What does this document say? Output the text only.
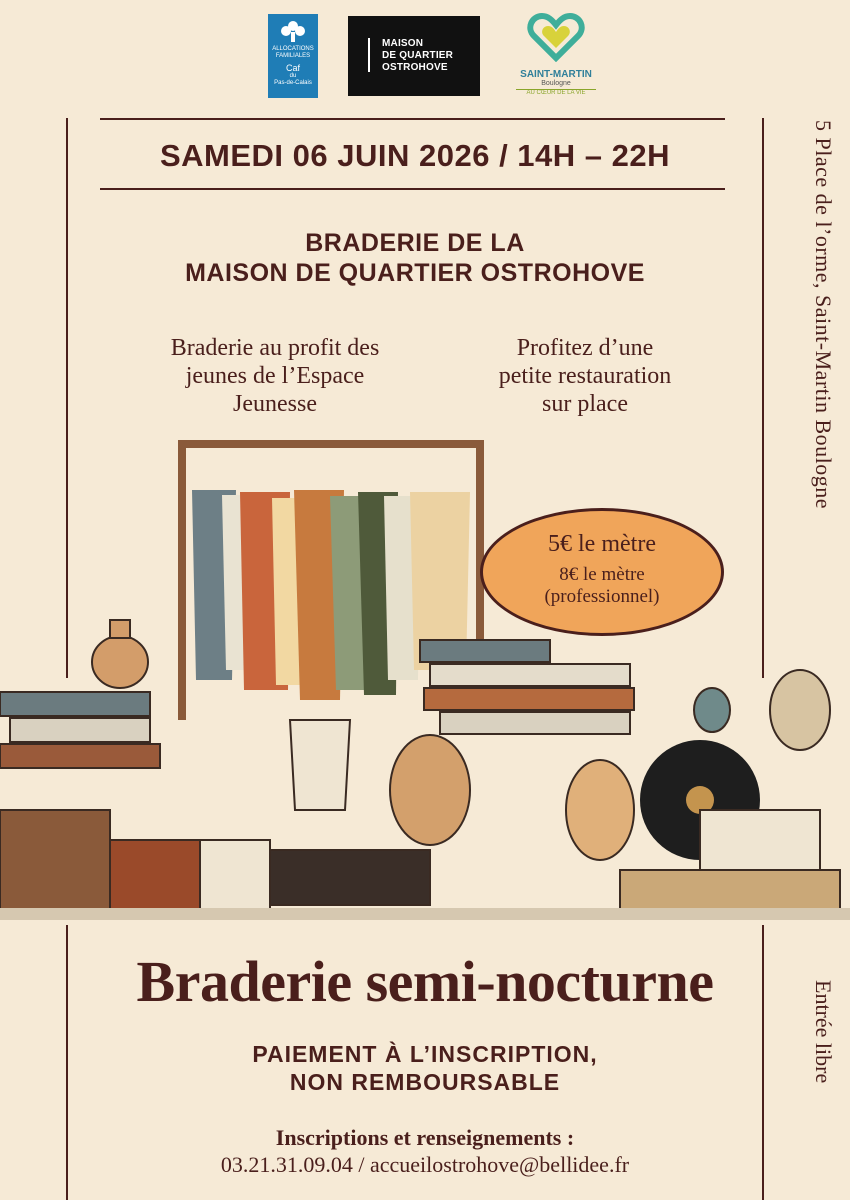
ALLOCATIONS FAMILIALES
Caf
du
Pas-de-Calais
MAISON
DE QUARTIER
OSTROHOVE
SAINT-MARTIN
Boulogne
AU CŒUR DE LA VIE
SAMEDI 06 JUIN 2026 / 14H – 22H
BRADERIE DE LA
MAISON DE QUARTIER OSTROHOVE
Braderie au profit des
jeunes de l’Espace
Jeunesse
Profitez d’une
petite restauration
sur place
5€ le mètre
8€ le mètre
(professionnel)
5 Place de l’orme, Saint-Martin Boulogne
Braderie semi-nocturne
PAIEMENT À L’INSCRIPTION,
NON REMBOURSABLE
Inscriptions et renseignements :
03.21.31.09.04 / accueilostrohove@bellidee.fr
Entrée libre
